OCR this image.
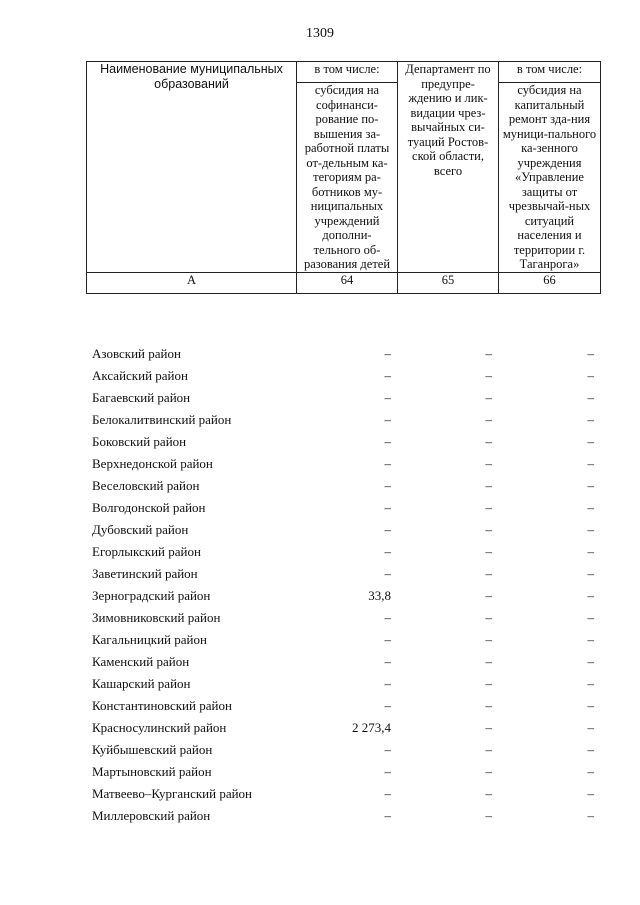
1309
Наименование муниципальных образований	в том числе:	Департамент по предупре-ждению и лик-видации чрез-вычайных си-туаций Ростов-ской области, всего	в том числе:
	субсидия на софинанси-рование по-вышения за-работной платы от-дельным ка-тегориям ра-ботников му-ниципальных учреждений дополни-тельного об-разования детей		субсидия на капитальный ремонт зда-ния муници-пального ка-зенного учреждения «Управление защиты от чрезвычай-ных ситуаций населения и территории г. Таганрога»
А	64	65	66
Азовский район	–	–	–
Аксайский район	–	–	–
Багаевский район	–	–	–
Белокалитвинский район	–	–	–
Боковский район	–	–	–
Верхнедонской район	–	–	–
Веселовский район	–	–	–
Волгодонской район	–	–	–
Дубовский район	–	–	–
Егорлыкский район	–	–	–
Заветинский район	–	–	–
Зерноградский район	33,8	–	–
Зимовниковский район	–	–	–
Кагальницкий район	–	–	–
Каменский район	–	–	–
Кашарский район	–	–	–
Константиновский район	–	–	–
Красносулинский район	2 273,4	–	–
Куйбышевский район	–	–	–
Мартыновский район	–	–	–
Матвеево–Курганский район	–	–	–
Миллеровский район	–	–	–
